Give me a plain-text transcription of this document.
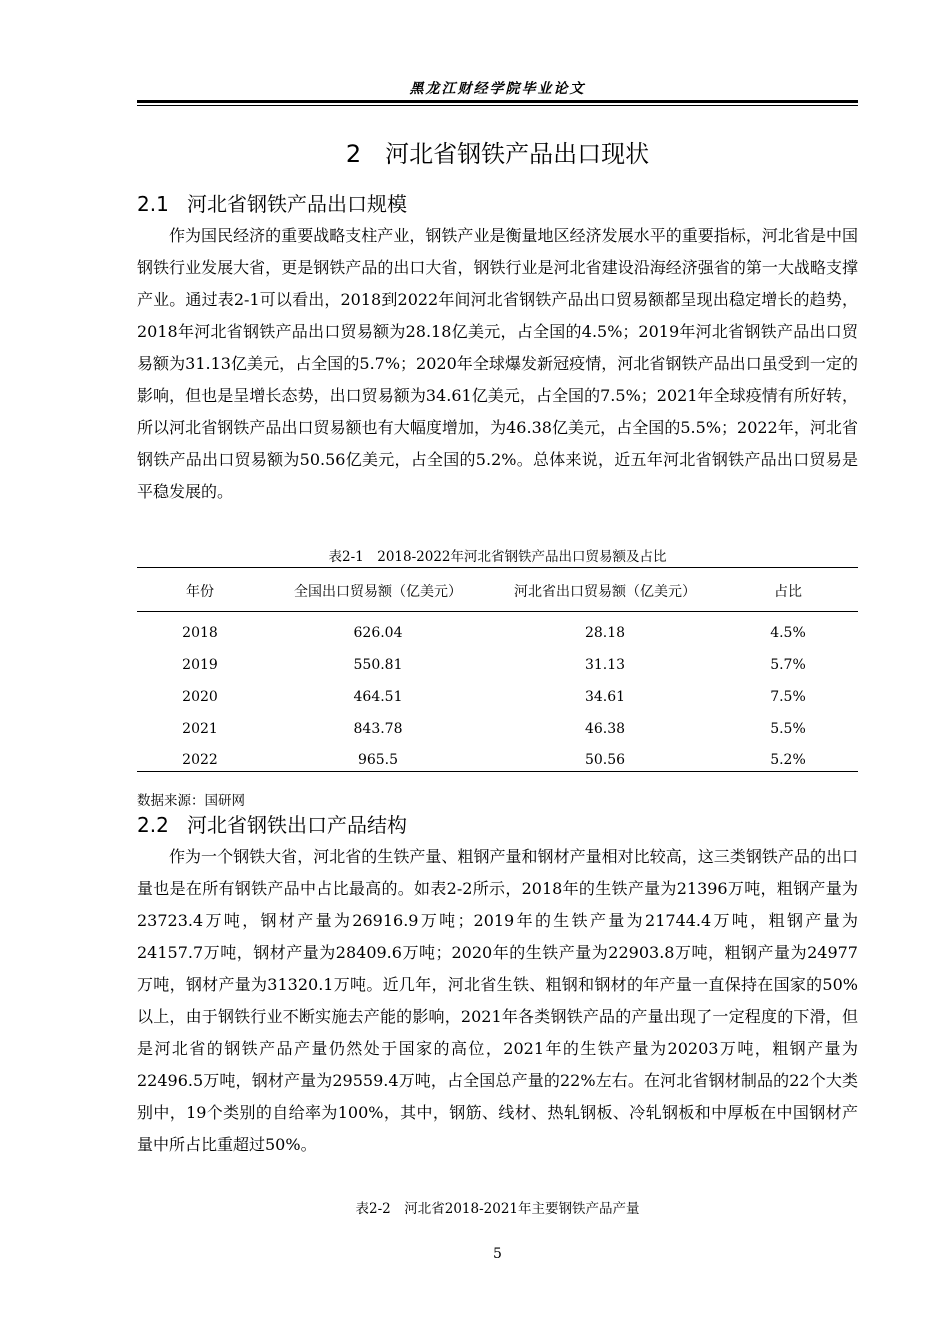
黑龙江财经学院毕业论文
2　河北省钢铁产品出口现状
2.1 河北省钢铁产品出口规模

作为国民经济的重要战略支柱产业，钢铁产业是衡量地区经济发展水平的重要指标，河北省是中国钢铁行业发展大省，更是钢铁产品的出口大省，钢铁行业是河北省建设沿海经济强省的第一大战略支撑产业。通过表2-1可以看出，2018到2022年间河北省钢铁产品出口贸易额都呈现出稳定增长的趋势，2018年河北省钢铁产品出口贸易额为28.18亿美元，占全国的4.5%；2019年河北省钢铁产品出口贸易额为31.13亿美元，占全国的5.7%；2020年全球爆发新冠疫情，河北省钢铁产品出口虽受到一定的影响，但也是呈增长态势，出口贸易额为34.61亿美元，占全国的7.5%；2021年全球疫情有所好转，所以河北省钢铁产品出口贸易额也有大幅度增加，为46.38亿美元，占全国的5.5%；2022年，河北省钢铁产品出口贸易额为50.56亿美元，占全国的5.2%。总体来说，近五年河北省钢铁产品出口贸易是平稳发展的。

表2-1　2018-2022年河北省钢铁产品出口贸易额及占比
年份	全国出口贸易额（亿美元）	河北省出口贸易额（亿美元）	占比
2018	626.04	28.18	4.5%
2019	550.81	31.13	5.7%
2020	464.51	34.61	7.5%
2021	843.78	46.38	5.5%
2022	965.5	50.56	5.2%
数据来源：国研网
2.2 河北省钢铁出口产品结构

作为一个钢铁大省，河北省的生铁产量、粗钢产量和钢材产量相对比较高，这三类钢铁产品的出口量也是在所有钢铁产品中占比最高的。如表2-2所示，2018年的生铁产量为21396万吨，粗钢产量为23723.4万吨，钢材产量为26916.9万吨；2019年的生铁产量为21744.4万吨，粗钢产量为24157.7万吨，钢材产量为28409.6万吨；2020年的生铁产量为22903.8万吨，粗钢产量为24977万吨，钢材产量为31320.1万吨。近几年，河北省生铁、粗钢和钢材的年产量一直保持在国家的50%以上，由于钢铁行业不断实施去产能的影响，2021年各类钢铁产品的产量出现了一定程度的下滑，但是河北省的钢铁产品产量仍然处于国家的高位，2021年的生铁产量为20203万吨，粗钢产量为22496.5万吨，钢材产量为29559.4万吨，占全国总产量的22%左右。在河北省钢材制品的22个大类别中，19个类别的自给率为100%，其中，钢筋、线材、热轧钢板、冷轧钢板和中厚板在中国钢材产量中所占比重超过50%。

表2-2　河北省2018-2021年主要钢铁产品产量
5
